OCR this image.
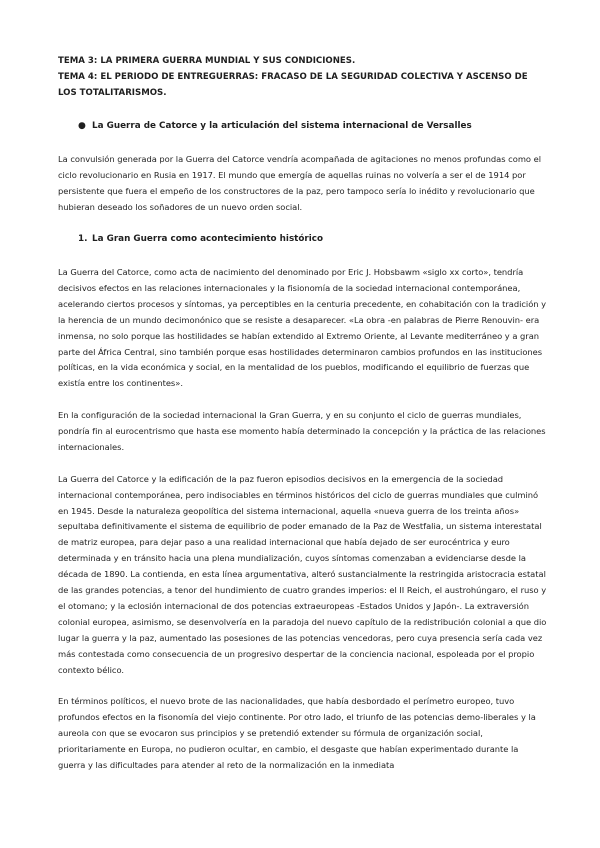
TEMA 3: LA PRIMERA GUERRA MUNDIAL Y SUS CONDICIONES.

TEMA 4: EL PERIODO DE ENTREGUERRAS: FRACASO DE LA SEGURIDAD COLECTIVA Y ASCENSO DE LOS TOTALITARISMOS.

● La Guerra de Catorce y la articulación del sistema internacional de Versalles

La convulsión generada por la Guerra del Catorce vendría acompañada de agitaciones no menos profundas como el ciclo revolucionario en Rusia en 1917. El mundo que emergía de aquellas ruinas no volvería a ser el de 1914 por persistente que fuera el empeño de los constructores de la paz, pero tampoco sería lo inédito y revolucionario que hubieran deseado los soñadores de un nuevo orden social.

1. La Gran Guerra como acontecimiento histórico

La Guerra del Catorce, como acta de nacimiento del denominado por Eric J. Hobsbawm «siglo xx corto», tendría decisivos efectos en las relaciones internacionales y la fisionomía de la sociedad internacional contemporánea, acelerando ciertos procesos y síntomas, ya perceptibles en la centuria precedente, en cohabitación con la tradición y la herencia de un mundo decimonónico que se resiste a desaparecer. «La obra -en palabras de Pierre Renouvin- era inmensa, no solo porque las hostilidades se habían extendido al Extremo Oriente, al Levante mediterráneo y a gran parte del África Central, sino también porque esas hostilidades determinaron cambios profundos en las instituciones políticas, en la vida económica y social, en la mentalidad de los pueblos, modificando el equilibrio de fuerzas que existía entre los continentes».

En la configuración de la sociedad internacional la Gran Guerra, y en su conjunto el ciclo de guerras mundiales, pondría fin al eurocentrismo que hasta ese momento había determinado la concepción y la práctica de las relaciones internacionales.

La Guerra del Catorce y la edificación de la paz fueron episodios decisivos en la emergencia de la sociedad internacional contemporánea, pero indisociables en términos históricos del ciclo de guerras mundiales que culminó en 1945. Desde la naturaleza geopolítica del sistema internacional, aquella «nueva guerra de los treinta años» sepultaba definitivamente el sistema de equilibrio de poder emanado de la Paz de Westfalia, un sistema interestatal de matriz europea, para dejar paso a una realidad internacional que había dejado de ser eurocéntrica y euro determinada y en tránsito hacia una plena mundialización, cuyos síntomas comenzaban a evidenciarse desde la década de 1890. La contienda, en esta línea argumentativa, alteró sustancialmente la restringida aristocracia estatal de las grandes potencias, a tenor del hundimiento de cuatro grandes imperios: el II Reich, el austrohúngaro, el ruso y el otomano; y la eclosión internacional de dos potencias extraeuropeas -Estados Unidos y Japón-. La extraversión colonial europea, asimismo, se desenvolvería en la paradoja del nuevo capítulo de la redistribución colonial a que dio lugar la guerra y la paz, aumentado las posesiones de las potencias vencedoras, pero cuya presencia sería cada vez más contestada como consecuencia de un progresivo despertar de la conciencia nacional, espoleada por el propio contexto bélico.

En términos políticos, el nuevo brote de las nacionalidades, que había desbordado el perímetro europeo, tuvo profundos efectos en la fisonomía del viejo continente. Por otro lado, el triunfo de las potencias demo-liberales y la aureola con que se evocaron sus principios y se pretendió extender su fórmula de organización social, prioritariamente en Europa, no pudieron ocultar, en cambio, el desgaste que habían experimentado durante la guerra y las dificultades para atender al reto de la normalización en la inmediata
